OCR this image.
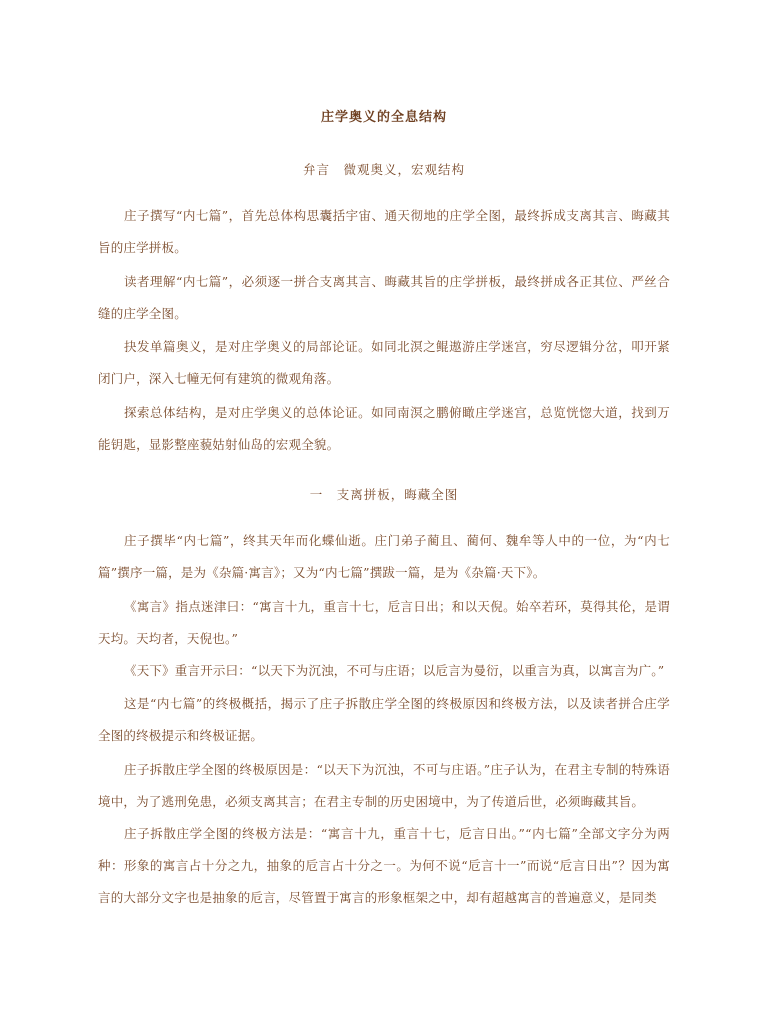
庄学奥义的全息结构
弁言　微观奥义，宏观结构
庄子撰写“内七篇”，首先总体构思囊括宇宙、通天彻地的庄学全图，最终拆成支离其言、晦藏其旨的庄学拼板。
读者理解“内七篇”，必须逐一拼合支离其言、晦藏其旨的庄学拼板，最终拼成各正其位、严丝合缝的庄学全图。
抉发单篇奥义，是对庄学奥义的局部论证。如同北溟之鲲遨游庄学迷宫，穷尽逻辑分岔，叩开紧闭门户，深入七幢无何有建筑的微观角落。
探索总体结构，是对庄学奥义的总体论证。如同南溟之鹏俯瞰庄学迷宫，总览恍惚大道，找到万能钥匙，显影整座藐姑射仙岛的宏观全貌。
一　支离拼板，晦藏全图
庄子撰毕“内七篇”，终其天年而化蝶仙逝。庄门弟子蔺且、蔺何、魏牟等人中的一位，为“内七篇”撰序一篇，是为《杂篇·寓言》；又为“内七篇”撰跋一篇，是为《杂篇·天下》。
《寓言》指点迷津曰：“寓言十九，重言十七，卮言日出；和以天倪。始卒若环，莫得其伦，是谓天均。天均者，天倪也。”
《天下》重言开示曰：“以天下为沉浊，不可与庄语；以卮言为曼衍，以重言为真，以寓言为广。”
这是“内七篇”的终极概括，揭示了庄子拆散庄学全图的终极原因和终极方法，以及读者拼合庄学全图的终极提示和终极证据。
庄子拆散庄学全图的终极原因是：“以天下为沉浊，不可与庄语。”庄子认为，在君主专制的特殊语境中，为了逃刑免患，必须支离其言；在君主专制的历史困境中，为了传道后世，必须晦藏其旨。
庄子拆散庄学全图的终极方法是：“寓言十九，重言十七，卮言日出。”“内七篇”全部文字分为两种：形象的寓言占十分之九，抽象的卮言占十分之一。为何不说“卮言十一”而说“卮言日出”？因为寓言的大部分文字也是抽象的卮言，尽管置于寓言的形象框架之中，却有超越寓言的普遍意义，是同类
